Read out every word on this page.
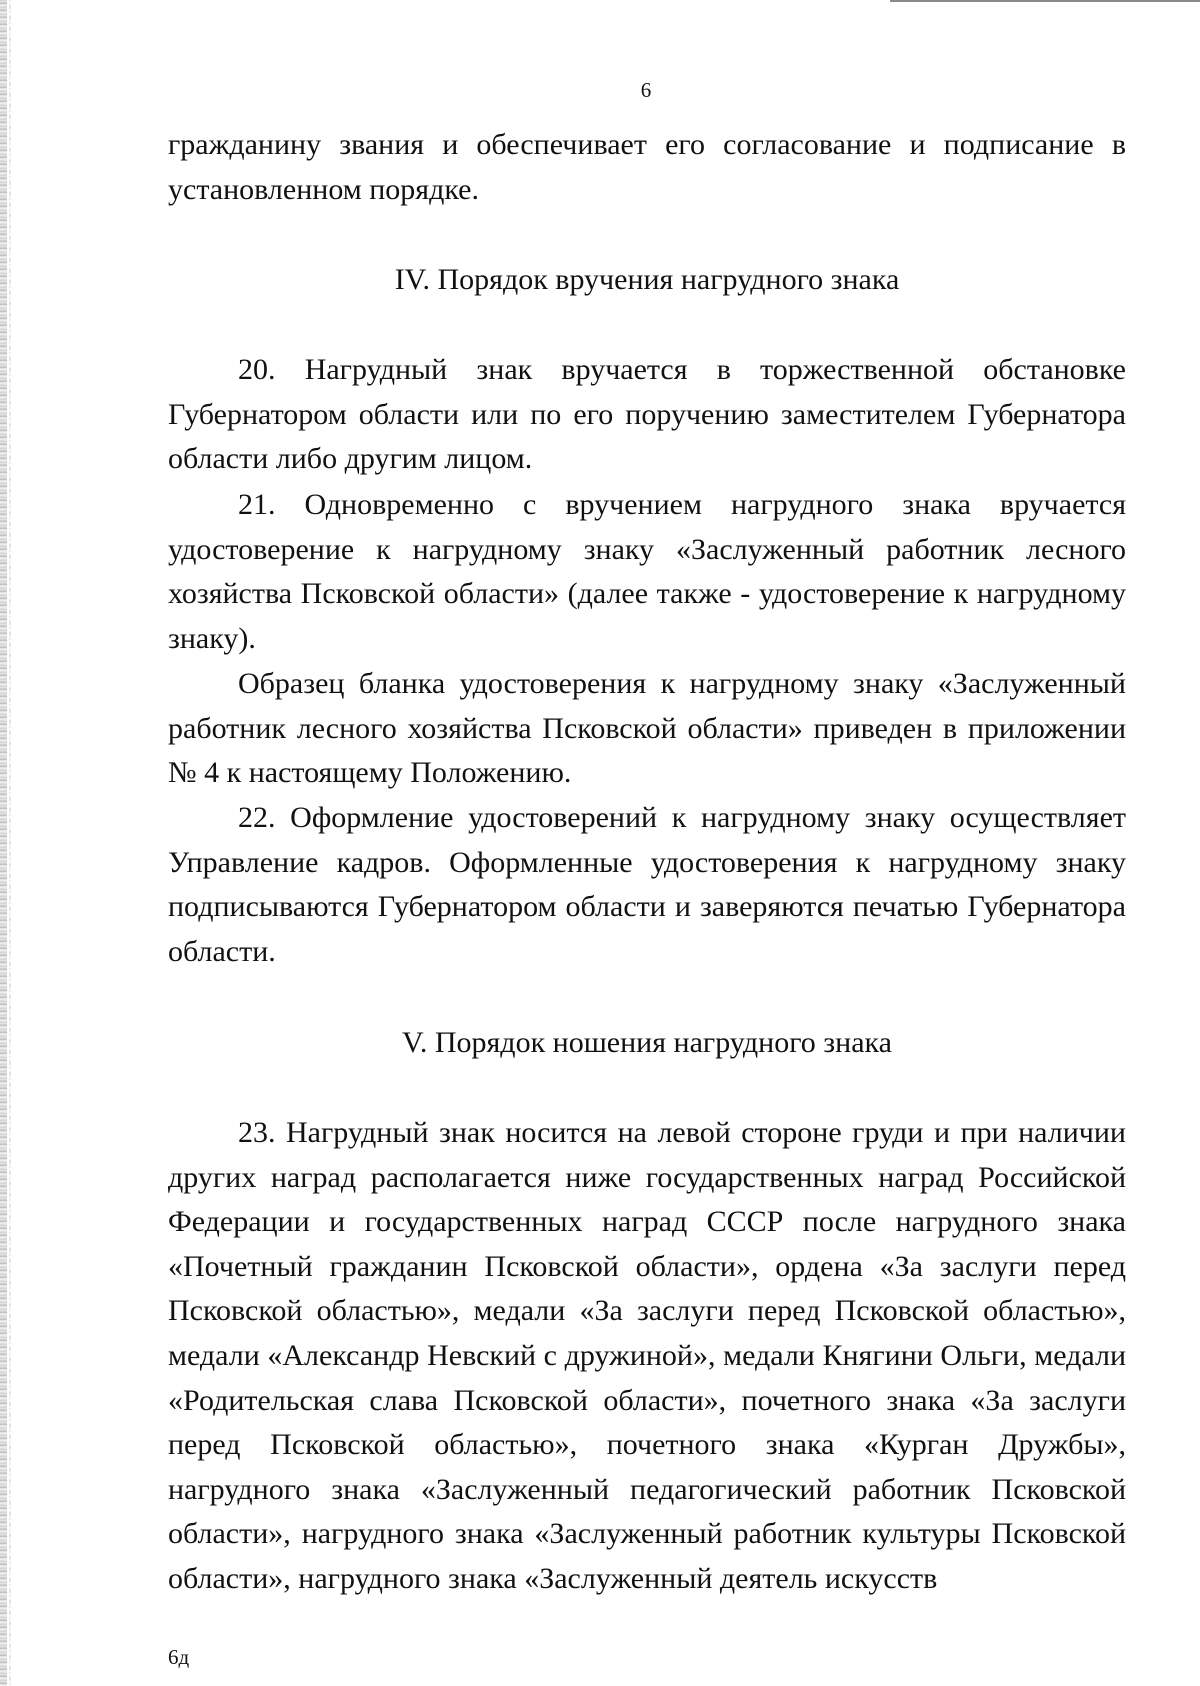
6

гражданину звания и обеспечивает его согласование и подписание в установленном порядке.

IV. Порядок вручения нагрудного знака

20. Нагрудный знак вручается в торжественной обстановке Губернатором области или по его поручению заместителем Губернатора области либо другим лицом.

21. Одновременно с вручением нагрудного знака вручается удостоверение к нагрудному знаку «Заслуженный работник лесного хозяйства Псковской области» (далее также - удостоверение к нагрудному знаку).

Образец бланка удостоверения к нагрудному знаку «Заслуженный работник лесного хозяйства Псковской области» приведен в приложении № 4 к настоящему Положению.

22. Оформление удостоверений к нагрудному знаку осуществляет Управление кадров. Оформленные удостоверения к нагрудному знаку подписываются Губернатором области и заверяются печатью Губернатора области.

V. Порядок ношения нагрудного знака

23. Нагрудный знак носится на левой стороне груди и при наличии других наград располагается ниже государственных наград Российской Федерации и государственных наград СССР после нагрудного знака «Почетный гражданин Псковской области», ордена «За заслуги перед Псковской областью», медали «За заслуги перед Псковской областью», медали «Александр Невский с дружиной», медали Княгини Ольги, медали «Родительская слава Псковской области», почетного знака «За заслуги перед Псковской областью», почетного знака «Курган Дружбы», нагрудного знака «Заслуженный педагогический работник Псковской области», нагрудного знака «Заслуженный работник культуры Псковской области», нагрудного знака «Заслуженный деятель искусств

6д
